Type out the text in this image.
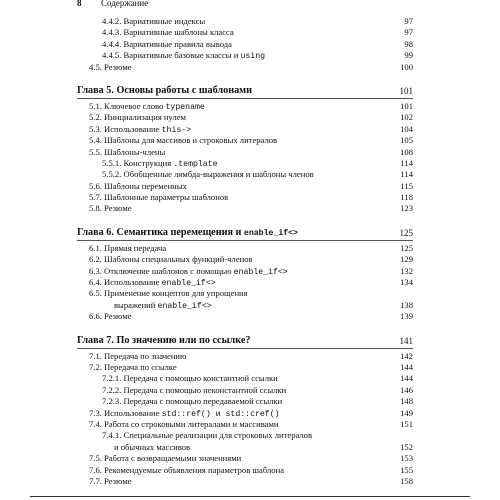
8 Содержание
4.4.2. Вариативные индексы	97
4.4.3. Вариативные шаблоны класса	97
4.4.4. Вариативные правила вывода	98
4.4.5. Вариативные базовые классы и using	99
4.5. Резюме	100
Глава 5. Основы работы с шаблонами	101
5.1. Ключевое слово typename	101
5.2. Инициализация нулем	102
5.3. Использование this->	104
5.4. Шаблоны для массивов и строковых литералов	105
5.5. Шаблоны-члены	108
5.5.1. Конструкция .template	114
5.5.2. Обобщенные лямбда-выражения и шаблоны членов	114
5.6. Шаблоны переменных	115
5.7. Шаблонные параметры шаблонов	118
5.8. Резюме	123
Глава 6. Семантика перемещения и enable_if<>	125
6.1. Прямая передача	125
6.2. Шаблоны специальных функций-членов	129
6.3. Отключение шаблонов с помощью enable_if<>	132
6.4. Использование enable_if<>	134
6.5. Применение концептов для упрощения
выражений enable_if<>	138
6.6. Резюме	139
Глава 7. По значению или по ссылке?	141
7.1. Передача по значению	142
7.2. Передача по ссылке	144
7.2.1. Передача с помощью константной ссылки	144
7.2.2. Передача с помощью неконстантной ссылки	146
7.2.3. Передача с помощью передаваемой ссылки	148
7.3. Использование std::ref() и std::cref()	149
7.4. Работа со строковыми литералами и массивами	151
7.4.1. Специальные реализации для строковых литералов
и обычных массивов	152
7.5. Работа с возвращаемыми значениями	153
7.6. Рекомендуемые объявления параметров шаблона	155
7.7. Резюме	158
